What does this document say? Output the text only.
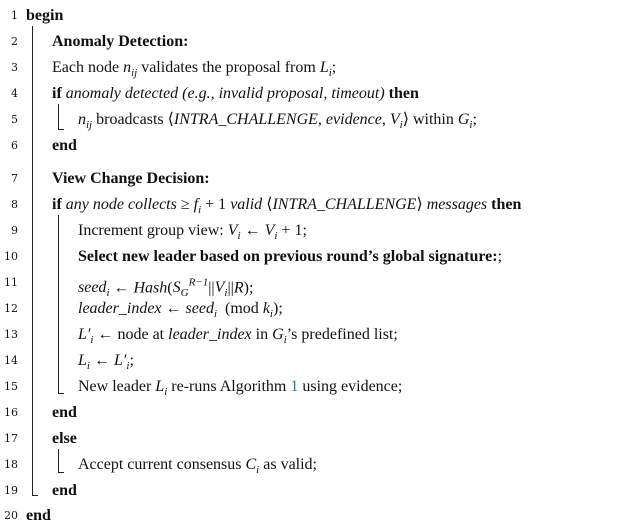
1 begin
2 Anomaly Detection:
3 Each node $n_{ij}$ validates the proposal from $L_i$;
4 if anomaly detected (e.g., invalid proposal, timeout) then
5	$n_{ij}$ broadcasts ⟨INTRA_CHALLENGE, evidence, $V_i⟩$ within $G_i$;
6 end
7 View Change Decision:
8 if any node collects ≥ $f_i + 1$ valid ⟨INTRA_CHALLENGE⟩ messages then
9	Increment group view: $V_i$ ← $V_i + 1$;
10	Select new leader based on previous round’s global signature:;
11	seed$_i$ ← $Hash(S_G^{R-1}||V_i||R)$;
12	leader_index ← seed$_i$  (mod $k_i$);
13	$L'_i$ ← node at leader_index in $G_i’s$ predefined list;
14	$L_i$ ← $L'_i$;
15	New leader $L_i$ re-runs Algorithm 1 using evidence;
16 end
17 else
18	Accept current consensus $C_i$ as valid;
19 end
20 end
